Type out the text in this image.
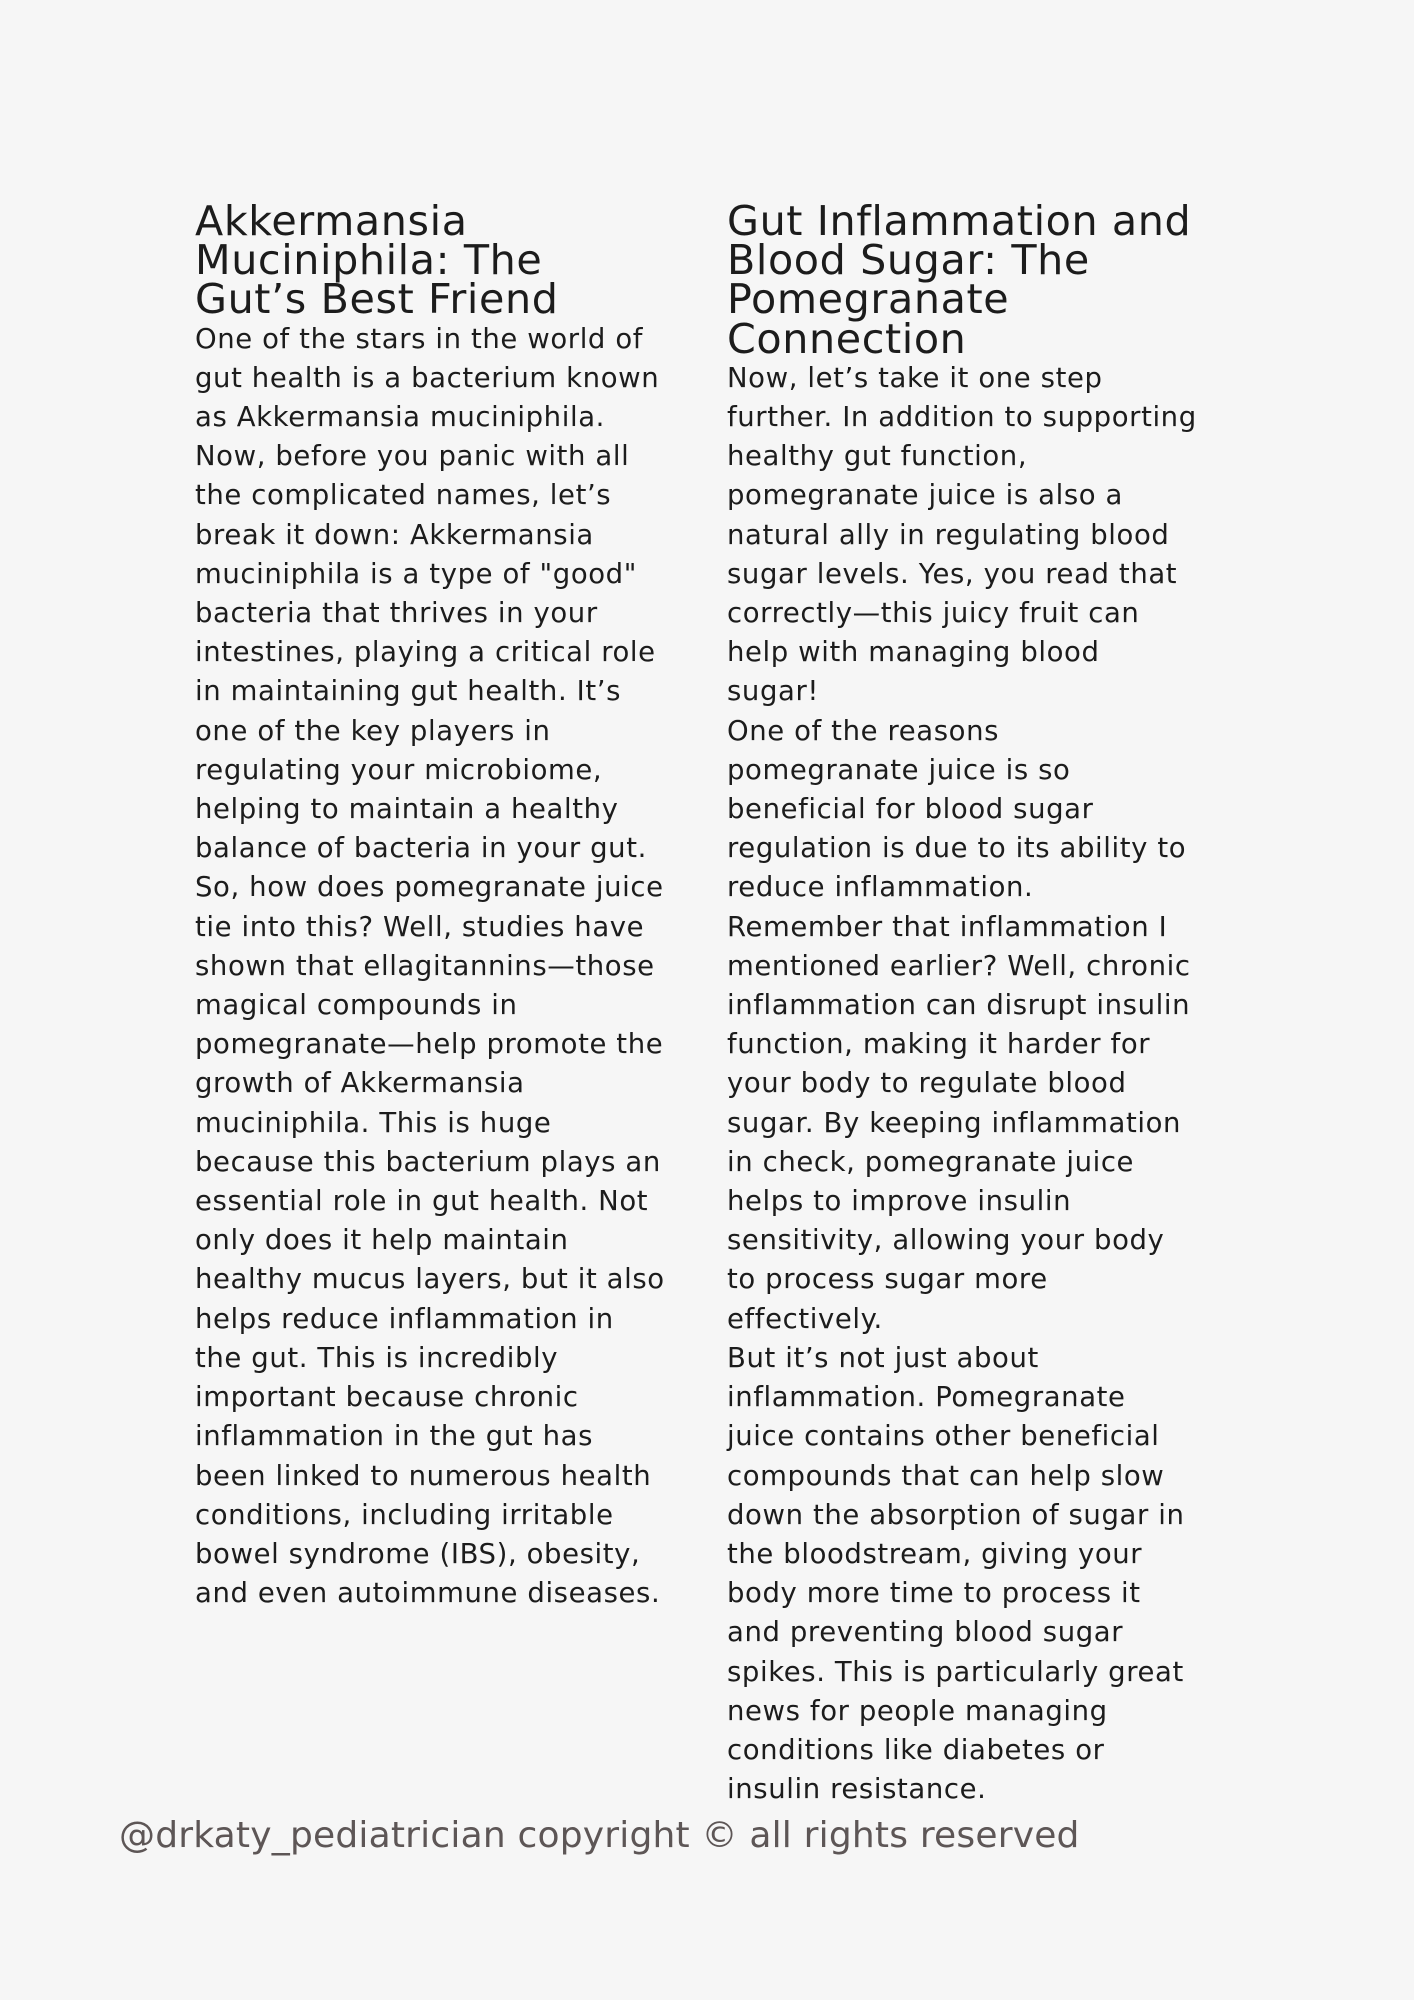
Akkermansia Muciniphila: The Gut’s Best Friend

One of the stars in the world of gut health is a bacterium known as Akkermansia muciniphila. Now, before you panic with all the complicated names, let’s break it down: Akkermansia muciniphila is a type of "good" bacteria that thrives in your intestines, playing a critical role in maintaining gut health. It’s one of the key players in regulating your microbiome, helping to maintain a healthy balance of bacteria in your gut.

So, how does pomegranate juice tie into this? Well, studies have shown that ellagitannins—those magical compounds in pomegranate—help promote the growth of Akkermansia muciniphila. This is huge because this bacterium plays an essential role in gut health. Not only does it help maintain healthy mucus layers, but it also helps reduce inflammation in the gut. This is incredibly important because chronic inflammation in the gut has been linked to numerous health conditions, including irritable bowel syndrome (IBS), obesity, and even autoimmune diseases.

Gut Inflammation and Blood Sugar: The Pomegranate Connection

Now, let’s take it one step further. In addition to supporting healthy gut function, pomegranate juice is also a natural ally in regulating blood sugar levels. Yes, you read that correctly—this juicy fruit can help with managing blood sugar!

One of the reasons pomegranate juice is so beneficial for blood sugar regulation is due to its ability to reduce inflammation. Remember that inflammation I mentioned earlier? Well, chronic inflammation can disrupt insulin function, making it harder for your body to regulate blood sugar. By keeping inflammation in check, pomegranate juice helps to improve insulin sensitivity, allowing your body to process sugar more effectively.

But it’s not just about inflammation. Pomegranate juice contains other beneficial compounds that can help slow down the absorption of sugar in the bloodstream, giving your body more time to process it and preventing blood sugar spikes. This is particularly great news for people managing conditions like diabetes or insulin resistance.

@drkaty_pediatrician copyright © all rights reserved
